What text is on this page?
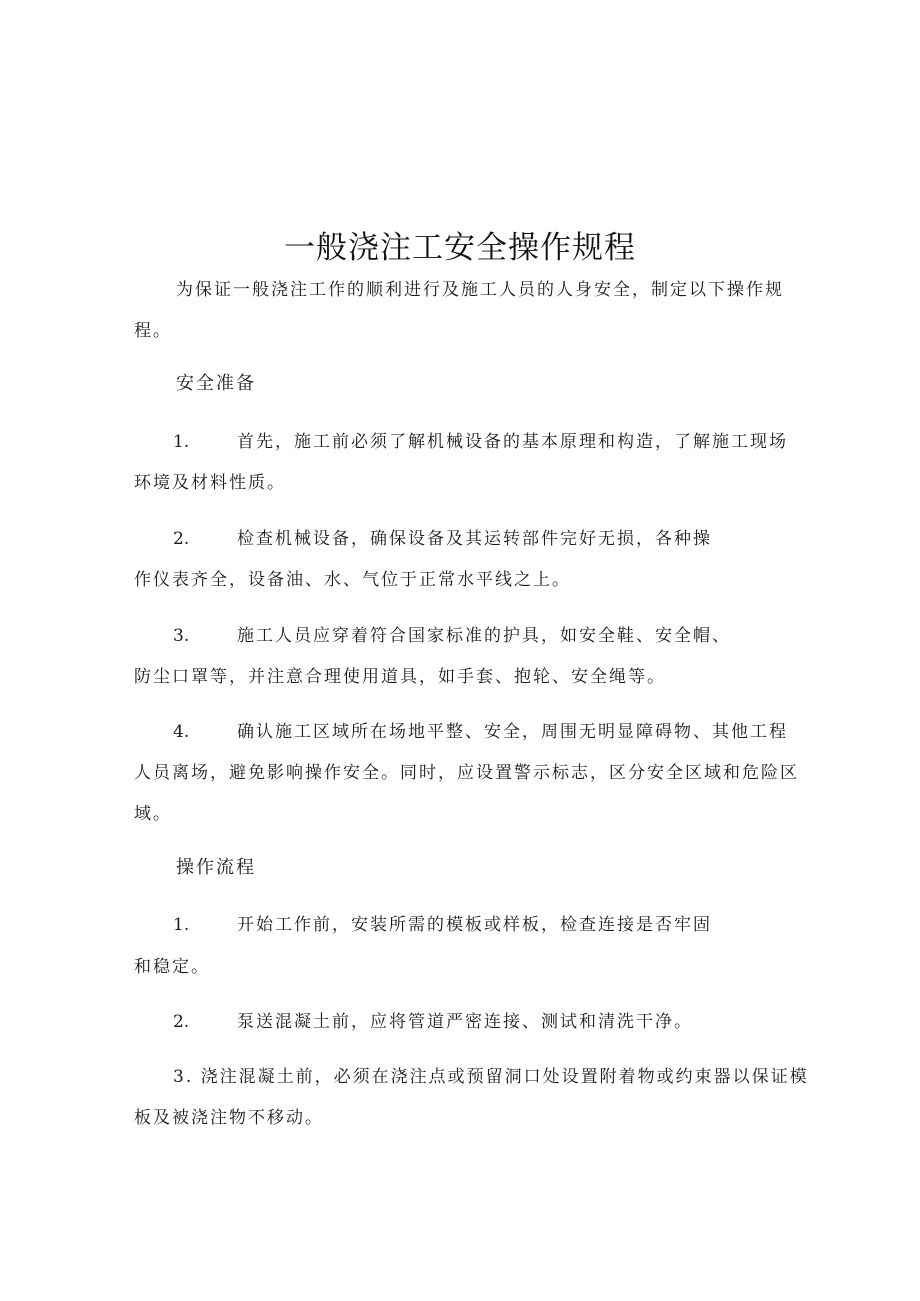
一般浇注工安全操作规程
为保证一般浇注工作的顺利进行及施工人员的人身安全，制定以下操作规
程。
安全准备
1.	首先，施工前必须了解机械设备的基本原理和构造，了解施工现场
环境及材料性质。
2.	检查机械设备，确保设备及其运转部件完好无损，各种操
作仪表齐全，设备油、水、气位于正常水平线之上。
3.	施工人员应穿着符合国家标准的护具，如安全鞋、安全帽、
防尘口罩等，并注意合理使用道具，如手套、抱轮、安全绳等。
4.	确认施工区域所在场地平整、安全，周围无明显障碍物、其他工程
人员离场，避免影响操作安全。同时，应设置警示标志，区分安全区域和危险区
域。
操作流程
1.	开始工作前，安装所需的模板或样板，检查连接是否牢固
和稳定。
2.	泵送混凝土前，应将管道严密连接、测试和清洗干净。
3. 浇注混凝土前，必须在浇注点或预留洞口处设置附着物或约束器以保证模
板及被浇注物不移动。
